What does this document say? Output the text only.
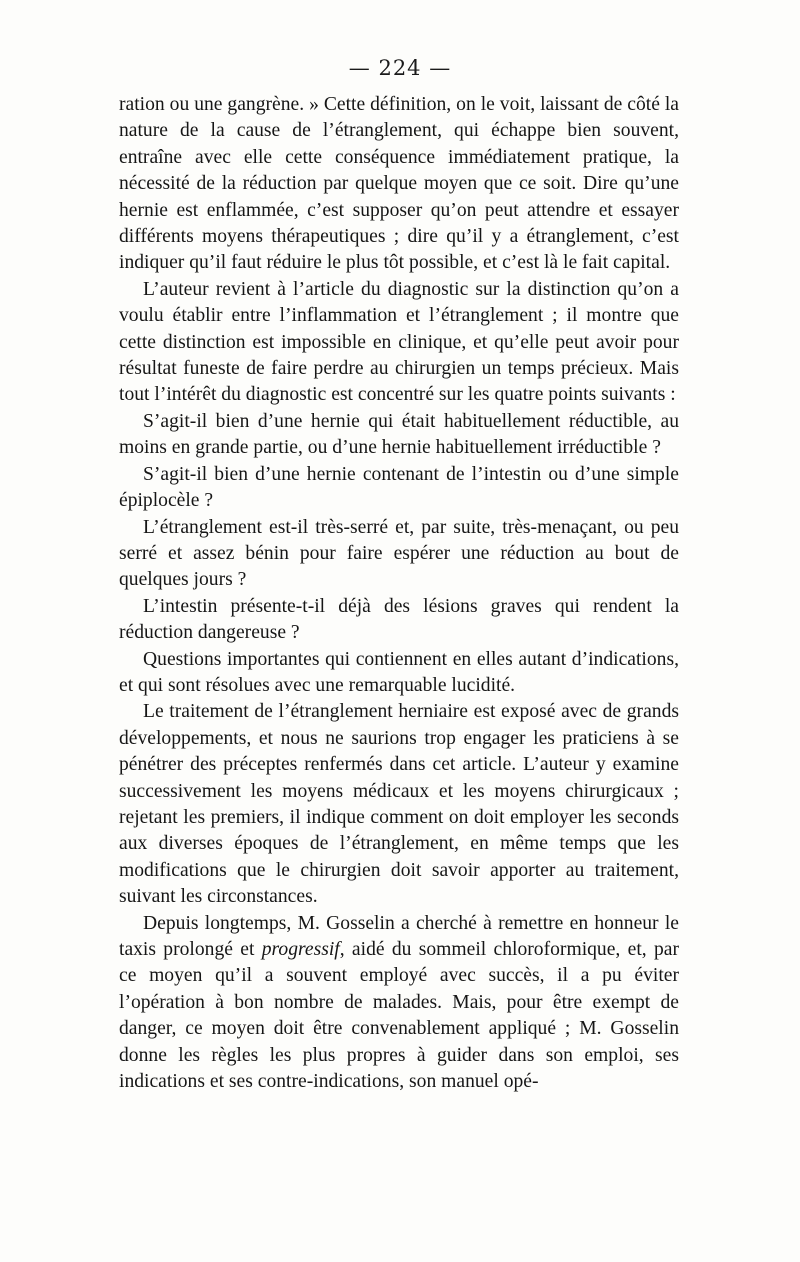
— 224 —

ration ou une gangrène. » Cette définition, on le voit, laissant de côté la nature de la cause de l’étranglement, qui échappe bien souvent, entraîne avec elle cette conséquence immédiatement pratique, la nécessité de la réduction par quelque moyen que ce soit. Dire qu’une hernie est enflammée, c’est supposer qu’on peut attendre et essayer différents moyens thérapeutiques ; dire qu’il y a étranglement, c’est indiquer qu’il faut réduire le plus tôt possible, et c’est là le fait capital.

L’auteur revient à l’article du diagnostic sur la distinction qu’on a voulu établir entre l’inflammation et l’étranglement ; il montre que cette distinction est impossible en clinique, et qu’elle peut avoir pour résultat funeste de faire perdre au chirurgien un temps précieux. Mais tout l’intérêt du diagnostic est concentré sur les quatre points suivants :

S’agit-il bien d’une hernie qui était habituellement réductible, au moins en grande partie, ou d’une hernie habituellement irréductible ?

S’agit-il bien d’une hernie contenant de l’intestin ou d’une simple épiplocèle ?

L’étranglement est-il très-serré et, par suite, très-menaçant, ou peu serré et assez bénin pour faire espérer une réduction au bout de quelques jours ?

L’intestin présente-t-il déjà des lésions graves qui rendent la réduction dangereuse ?

Questions importantes qui contiennent en elles autant d’indications, et qui sont résolues avec une remarquable lucidité.

Le traitement de l’étranglement herniaire est exposé avec de grands développements, et nous ne saurions trop engager les praticiens à se pénétrer des préceptes renfermés dans cet article. L’auteur y examine successivement les moyens médicaux et les moyens chirurgicaux ; rejetant les premiers, il indique comment on doit employer les seconds aux diverses époques de l’étranglement, en même temps que les modifications que le chirurgien doit savoir apporter au traitement, suivant les circonstances.

Depuis longtemps, M. Gosselin a cherché à remettre en honneur le taxis prolongé et progressif, aidé du sommeil chloroformique, et, par ce moyen qu’il a souvent employé avec succès, il a pu éviter l’opération à bon nombre de malades. Mais, pour être exempt de danger, ce moyen doit être convenablement appliqué ; M. Gosselin donne les règles les plus propres à guider dans son emploi, ses indications et ses contre-indications, son manuel opé-
